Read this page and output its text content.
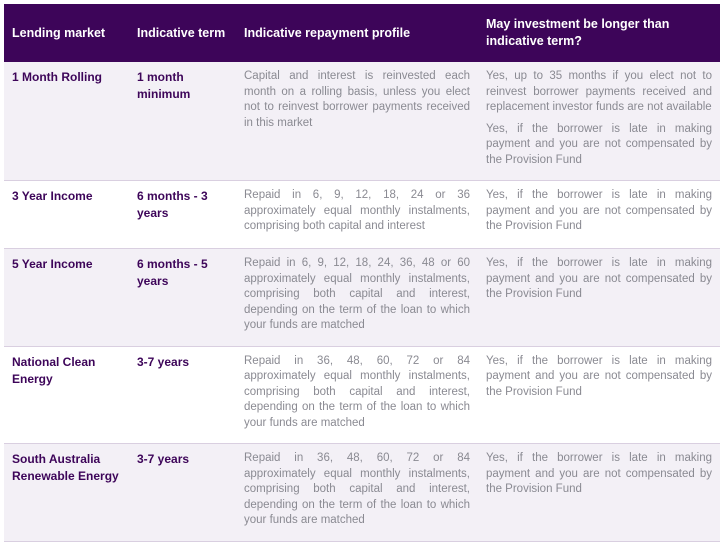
Lending market	Indicative term	Indicative repayment profile	May investment be longer than indicative term?
1 Month Rolling	1 month minimum	Capital and interest is reinvested each month on a rolling basis, unless you elect not to reinvest borrower payments received in this market	Yes, up to 35 months if you elect not to reinvest borrower payments received and replacement investor funds are not available

Yes, if the borrower is late in making payment and you are not compensated by the Provision Fund

3 Year Income	6 months - 3 years	Repaid in 6, 9, 12, 18, 24 or 36 approximately equal monthly instalments, comprising both capital and interest	Yes, if the borrower is late in making payment and you are not compensated by the Provision Fund

5 Year Income	6 months - 5 years	Repaid in 6, 9, 12, 18, 24, 36, 48 or 60 approximately equal monthly instalments, comprising both capital and interest, depending on the term of the loan to which your funds are matched	Yes, if the borrower is late in making payment and you are not compensated by the Provision Fund

National Clean Energy	3-7 years	Repaid in 36, 48, 60, 72 or 84 approximately equal monthly instalments, comprising both capital and interest, depending on the term of the loan to which your funds are matched	Yes, if the borrower is late in making payment and you are not compensated by the Provision Fund

South Australia Renewable Energy	3-7 years	Repaid in 36, 48, 60, 72 or 84 approximately equal monthly instalments, comprising both capital and interest, depending on the term of the loan to which your funds are matched	Yes, if the borrower is late in making payment and you are not compensated by the Provision Fund
